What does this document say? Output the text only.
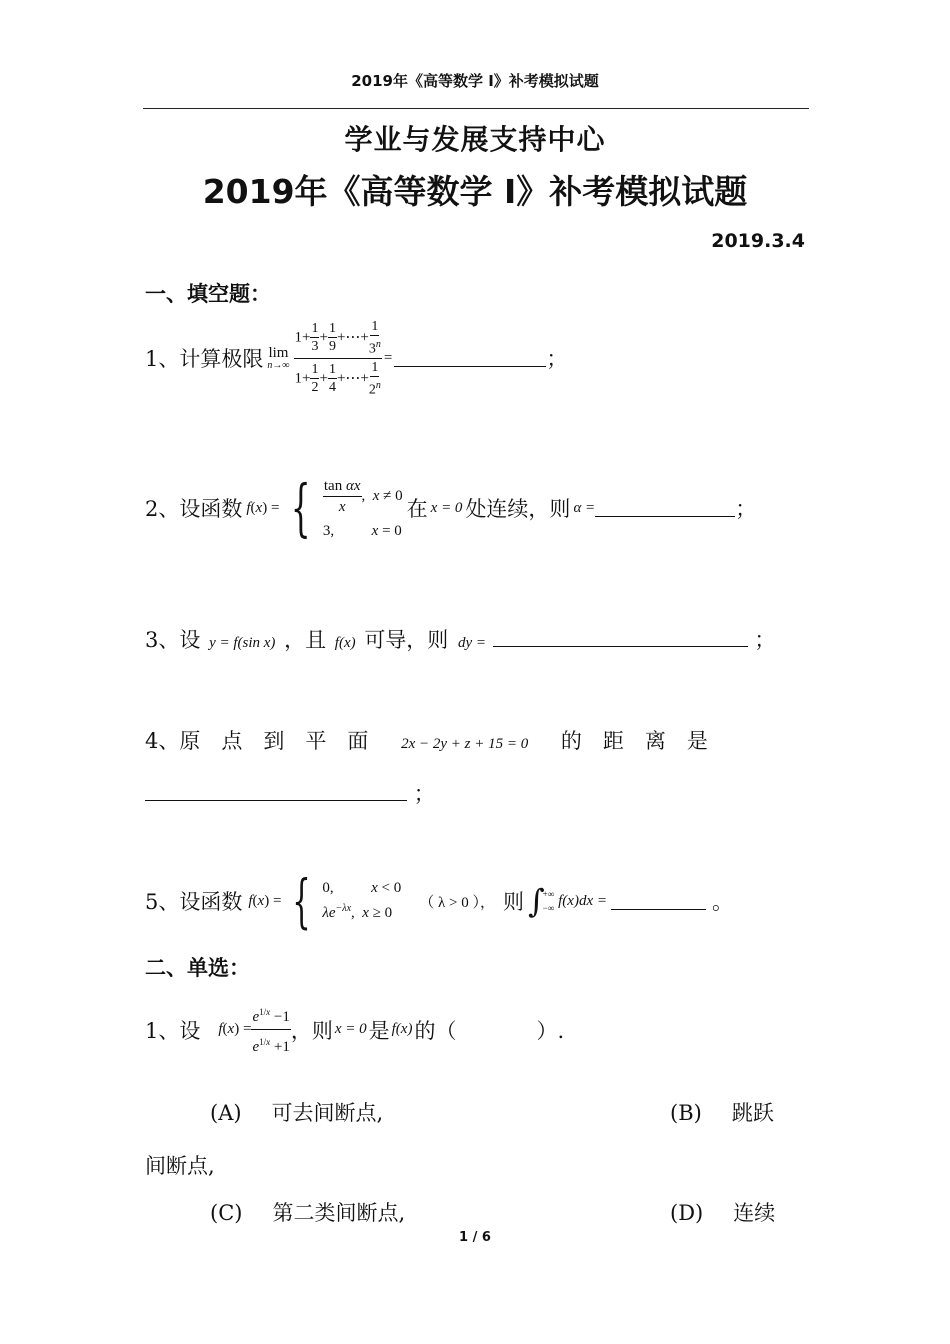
2019年《高等数学 I》补考模拟试题
学业与发展支持中心
2019年《高等数学 I》补考模拟试题
2019.3.4
一、填空题：
1、计算极限 lim
$n\to\infty \frac{1+ \frac{1}{3} + \frac{1}{9} +\cdots+ \frac{1}{3^n}}{1+ \frac{1}{2} + \frac{1}{4} +\cdots+ \frac{1}{2^n}}$ =	；
2、设函数 f ( x ) = { $\frac{\text{tan αx}}{x}$ ,  x ≠ 0
3,          x = 0
在 x = 0 处连续，则 α =	；
3、设 y = f(sin x) ，且 f(x) 可导，则 dy =	；
4、原　点　到　平　面 2x − 2y + z + 15 = 0 的　距　离　是
；
5、设函数 f ( x ) = { 0,          x < 0
$\lambda e^{-\lambda x}$,  x ≥ 0
（ λ > 0 ）， 则 ∫
+∞
−∞ f(x)dx =	。
二、单选：
1、设 f ( x ) = $\frac{e^{1/x} -1}{e^{1/x} +1}$ ，则 x = 0 是 f(x) 的（	）.
(A) 可去间断点,	(B) 跳跃
间断点,
(C) 第二类间断点,	(D) 连续
1 / 6
